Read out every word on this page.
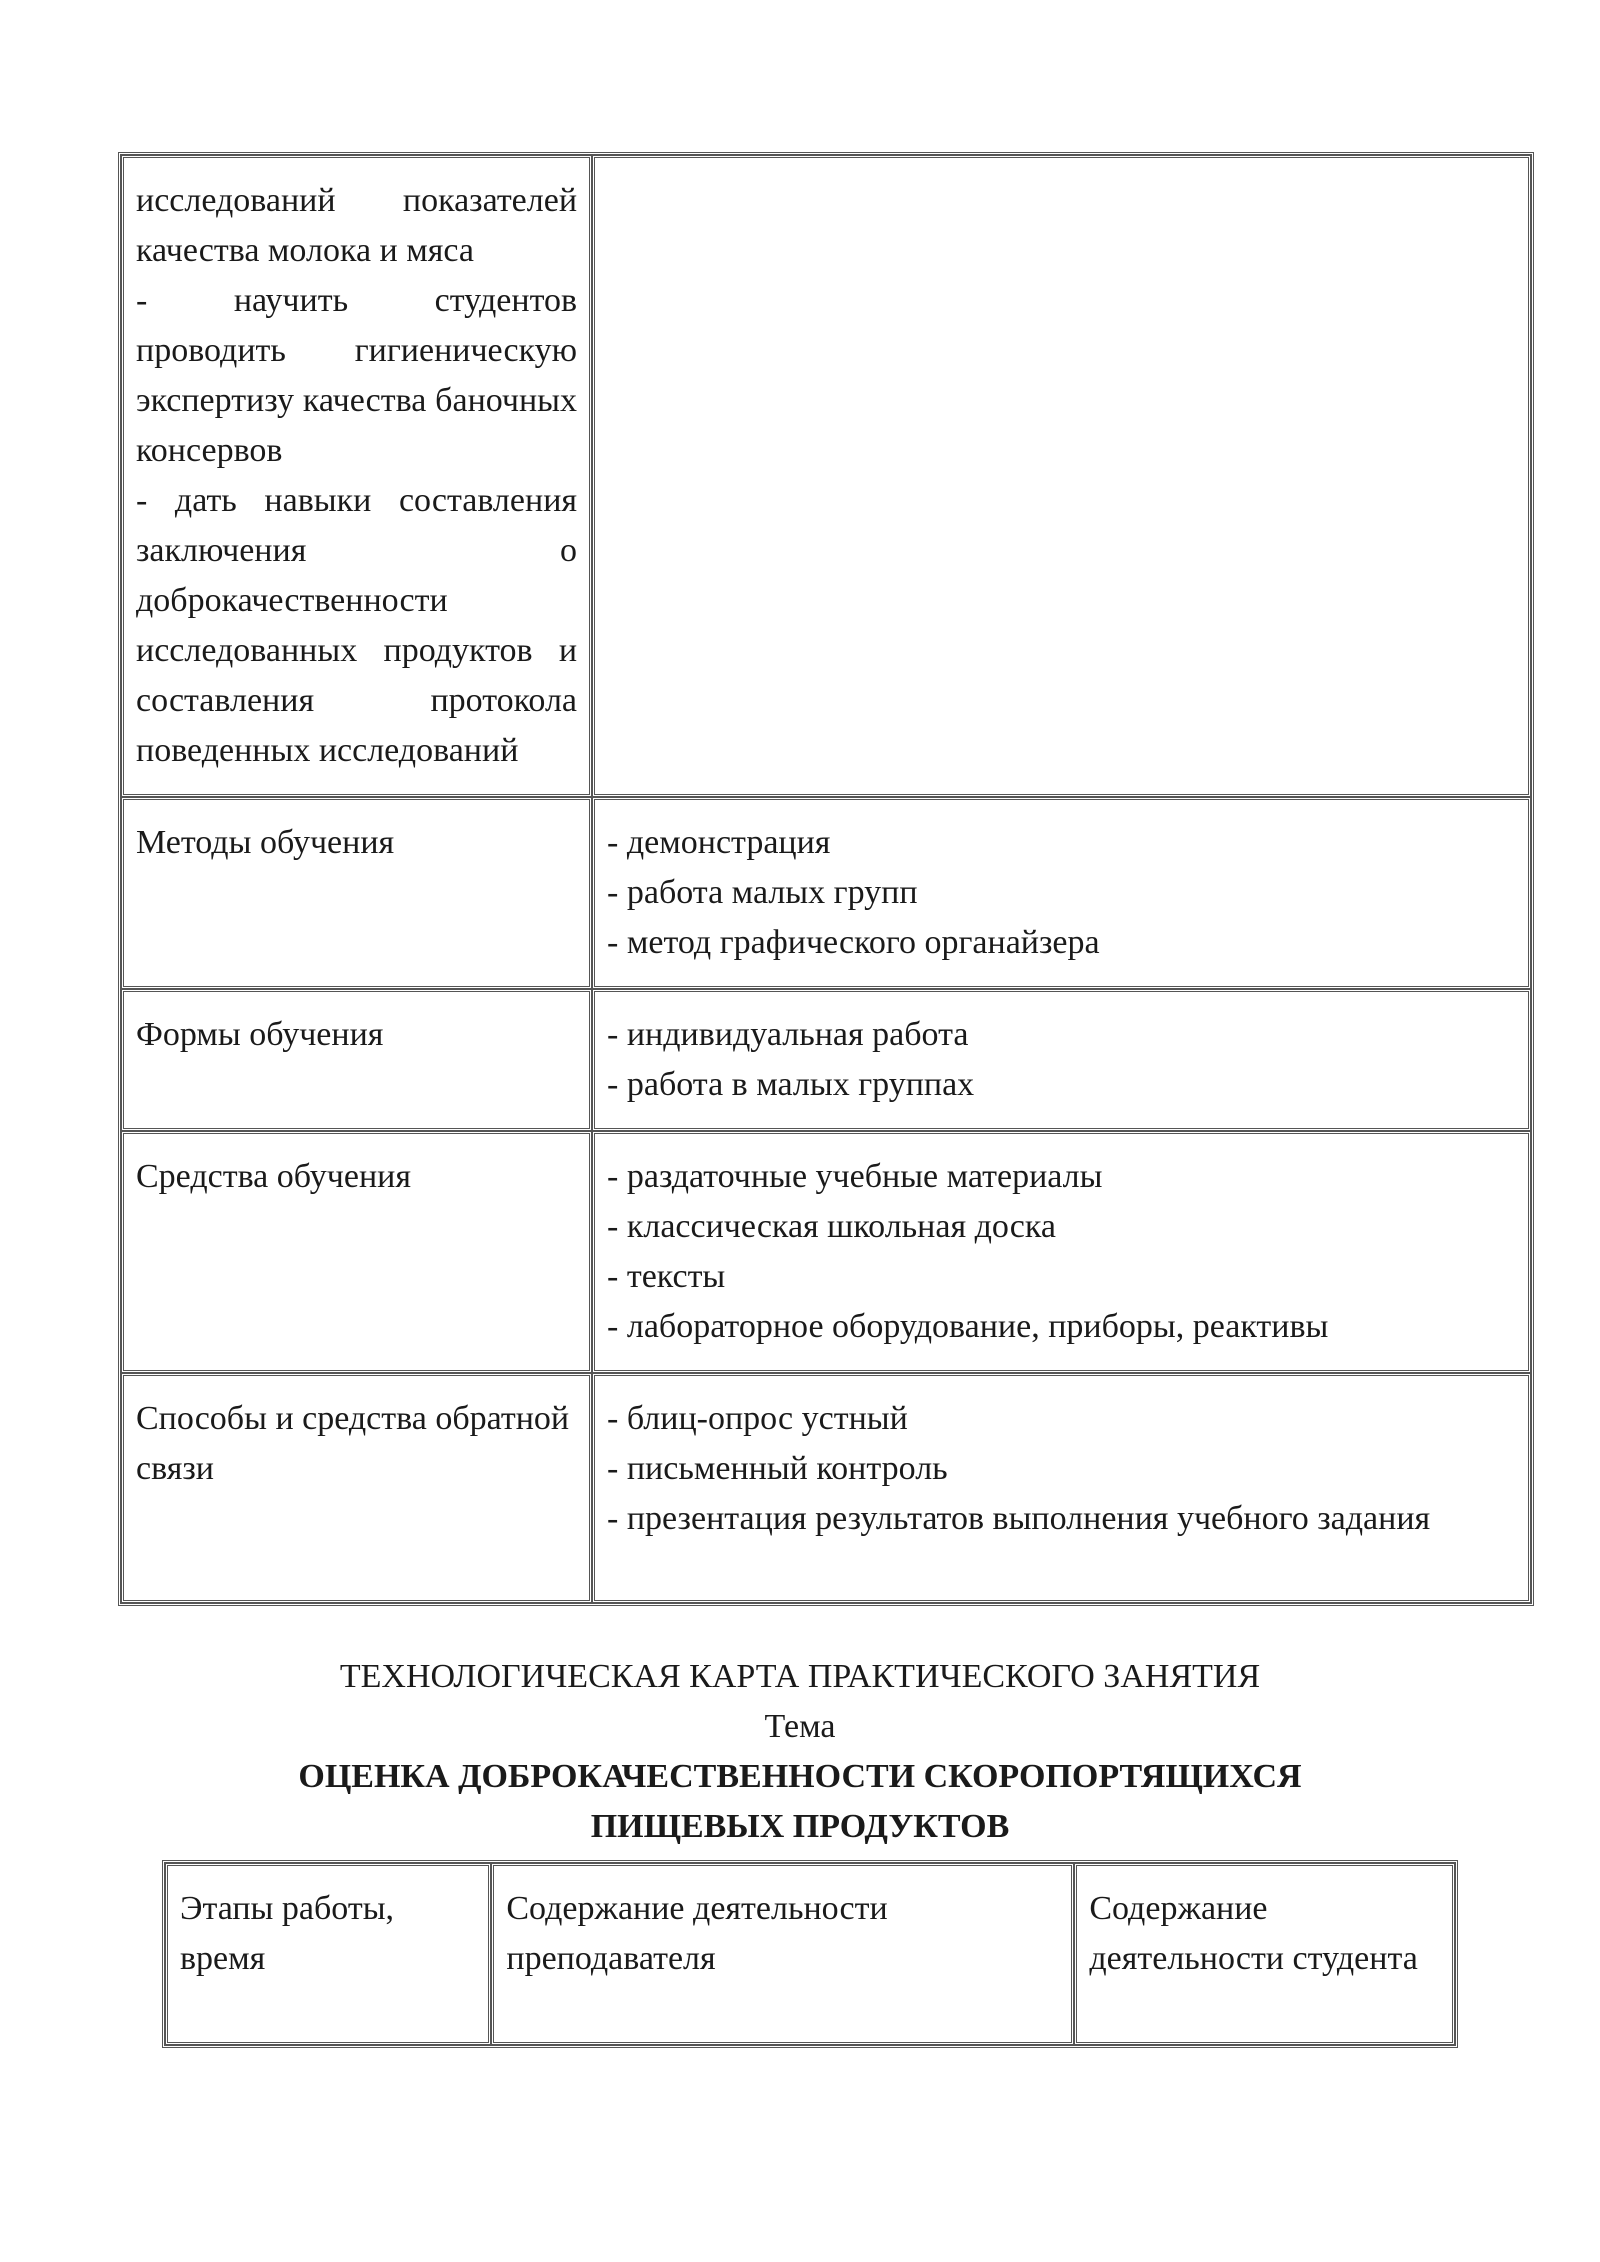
исследований показателей качества молока и мяса
- научить студентов проводить гигиеническую экспертизу качества баночных консервов
- дать навыки составления заключения о доброкачественности исследованных продуктов и составления протокола поведенных исследований	

Методы обучения	- демонстрация
- работа малых групп
- метод графического органайзера

Формы обучения	- индивидуальная работа
- работа в малых группах

Средства обучения	- раздаточные учебные материалы
- классическая школьная доска
- тексты
- лабораторное оборудование, приборы, реактивы

Способы и средства обратной связи	- блиц-опрос устный
- письменный контроль
- презентация результатов выполнения учебного задания
ТЕХНОЛОГИЧЕСКАЯ КАРТА ПРАКТИЧЕСКОГО ЗАНЯТИЯ
Тема
ОЦЕНКА ДОБРОКАЧЕСТВЕННОСТИ СКОРОПОРТЯЩИХСЯ
ПИЩЕВЫХ ПРОДУКТОВ
Этапы работы, время	Содержание деятельности преподавателя	Содержание деятельности студента
